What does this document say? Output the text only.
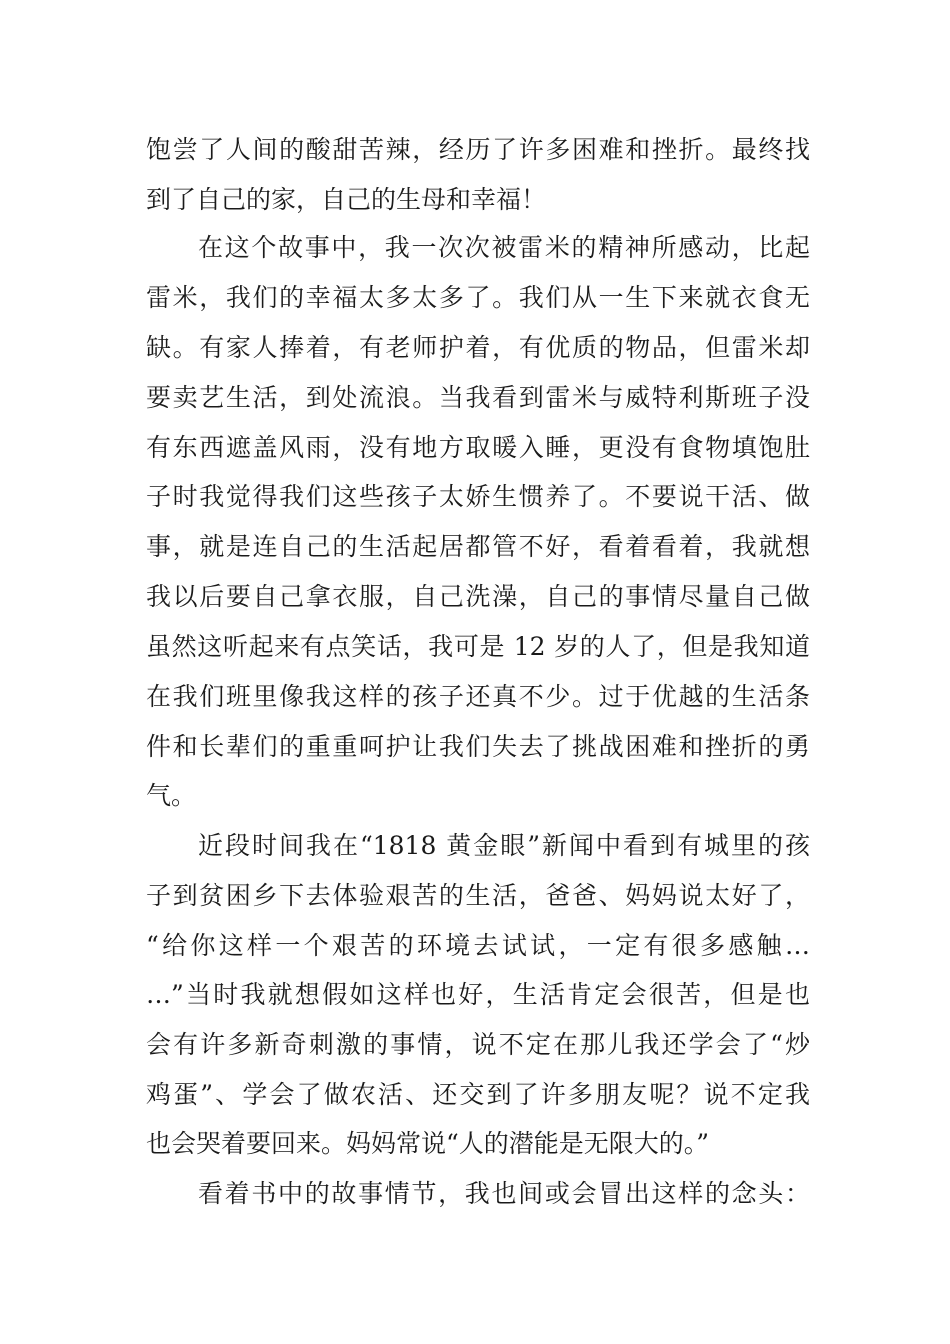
饱尝了人间的酸甜苦辣，经历了许多困难和挫折。最终找
到了自己的家，自己的生母和幸福！
在这个故事中，我一次次被雷米的精神所感动，比起
雷米，我们的幸福太多太多了。我们从一生下来就衣食无
缺。有家人捧着，有老师护着，有优质的物品，但雷米却
要卖艺生活，到处流浪。当我看到雷米与威特利斯班子没
有东西遮盖风雨，没有地方取暖入睡，更没有食物填饱肚
子时我觉得我们这些孩子太娇生惯养了。不要说干活、做
事，就是连自己的生活起居都管不好，看着看着，我就想
我以后要自己拿衣服，自己洗澡，自己的事情尽量自己做
虽然这听起来有点笑话，我可是 12 岁的人了，但是我知道
在我们班里像我这样的孩子还真不少。过于优越的生活条
件和长辈们的重重呵护让我们失去了挑战困难和挫折的勇
气。
近段时间我在“1818 黄金眼”新闻中看到有城里的孩
子到贫困乡下去体验艰苦的生活，爸爸、妈妈说太好了，
“给你这样一个艰苦的环境去试试，一定有很多感触…
…”当时我就想假如这样也好，生活肯定会很苦，但是也
会有许多新奇刺激的事情，说不定在那儿我还学会了“炒
鸡蛋”、学会了做农活、还交到了许多朋友呢？说不定我
也会哭着要回来。妈妈常说“人的潜能是无限大的。”
看着书中的故事情节，我也间或会冒出这样的念头：
